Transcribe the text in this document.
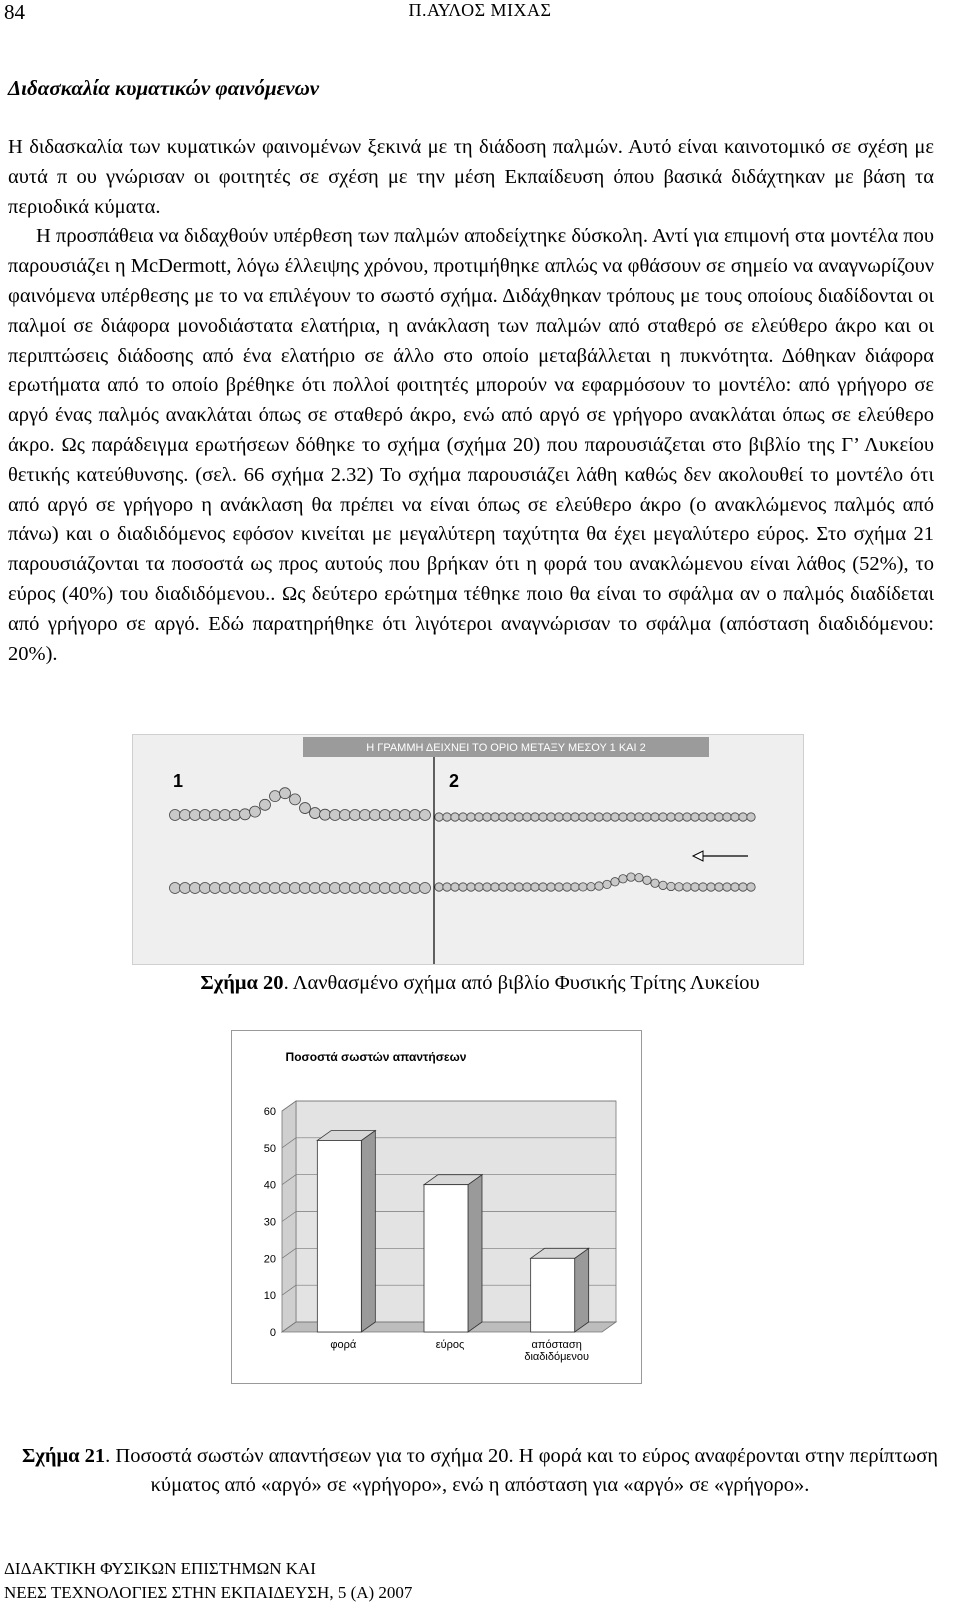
84	Π.ΑΥΛΟΣ ΜΙΧΑΣ
Διδασκαλία κυματικών φαινόμενων

Η διδασκαλία των κυματικών φαινομένων ξεκινά με τη διάδοση παλμών. Αυτό είναι καινοτομικό σε σχέση με αυτά π ου γνώρισαν οι φοιτητές σε σχέση με την μέση Εκπαίδευση όπου βασικά διδάχτηκαν με βάση τα περιοδικά κύματα.

Η προσπάθεια να διδαχθούν υπέρθεση των παλμών αποδείχτηκε δύσκολη. Αντί για επιμονή στα μοντέλα που παρουσιάζει η McDermott, λόγω έλλειψης χρόνου, προτιμήθηκε απλώς να φθάσουν σε σημείο να αναγνωρίζουν φαινόμενα υπέρθεσης με το να επιλέγουν το σωστό σχήμα. Διδάχθηκαν τρόπους με τους οποίους διαδίδονται οι παλμοί σε διάφορα μονοδιάστατα ελατήρια, η ανάκλαση των παλμών από σταθερό σε ελεύθερο άκρο και οι περιπτώσεις διάδοσης από ένα ελατήριο σε άλλο στο οποίο μεταβάλλεται η πυκνότητα. Δόθηκαν διάφορα ερωτήματα από το οποίο βρέθηκε ότι πολλοί φοιτητές μπορούν να εφαρμόσουν το μοντέλο: από γρήγορο σε αργό ένας παλμός ανακλάται όπως σε σταθερό άκρο, ενώ από αργό σε γρήγορο ανακλάται όπως σε ελεύθερο άκρο. Ως παράδειγμα ερωτήσεων δόθηκε το σχήμα (σχήμα 20) που παρουσιάζεται στο βιβλίο της Γ’ Λυκείου θετικής κατεύθυνσης. (σελ. 66 σχήμα 2.32) Το σχήμα παρουσιάζει λάθη καθώς δεν ακολουθεί το μοντέλο ότι από αργό σε γρήγορο η ανάκλαση θα πρέπει να είναι όπως σε ελεύθερο άκρο (ο ανακλώμενος παλμός από πάνω) και ο διαδιδόμενος εφόσον κινείται με μεγαλύτερη ταχύτητα θα έχει μεγαλύτερο εύρος. Στο σχήμα 21 παρουσιάζονται τα ποσοστά ως προς αυτούς που βρήκαν ότι η φορά του ανακλώμενου είναι λάθος (52%), το εύρος (40%) του διαδιδόμενου.. Ως δεύτερο ερώτημα τέθηκε ποιο θα είναι το σφάλμα αν ο παλμός διαδίδεται από γρήγορο σε αργό. Εδώ παρατηρήθηκε ότι λιγότεροι αναγνώρισαν το σφάλμα (απόσταση διαδιδόμενου: 20%).

Η ΓΡΑΜΜΗ ΔΕΙΧΝΕΙ ΤΟ ΟΡΙΟ ΜΕΤΑΞΥ ΜΕΣΟΥ 1 ΚΑΙ 2
1	2
Σχήμα 20. Λανθασμένο σχήμα από βιβλίο Φυσικής Τρίτης Λυκείου
Ποσοστά σωστών απαντήσεων
0
10
20
30
40
50
60
φορά	εύρος	απόσταση
διαδιδόμενου
Σχήμα 21. Ποσοστά σωστών απαντήσεων για το σχήμα 20. Η φορά και το εύρος αναφέρονται στην περίπτωση κύματος από «αργό» σε «γρήγορο», ενώ η απόσταση για «αργό» σε «γρήγορο».
ΔΙΔΑΚΤΙΚΗ ΦΥΣΙΚΩΝ ΕΠΙΣΤΗΜΩΝ ΚΑΙ
ΝΕΕΣ ΤΕΧΝΟΛΟΓΙΕΣ ΣΤΗΝ ΕΚΠΑΙΔΕΥΣΗ, 5 (Α) 2007
